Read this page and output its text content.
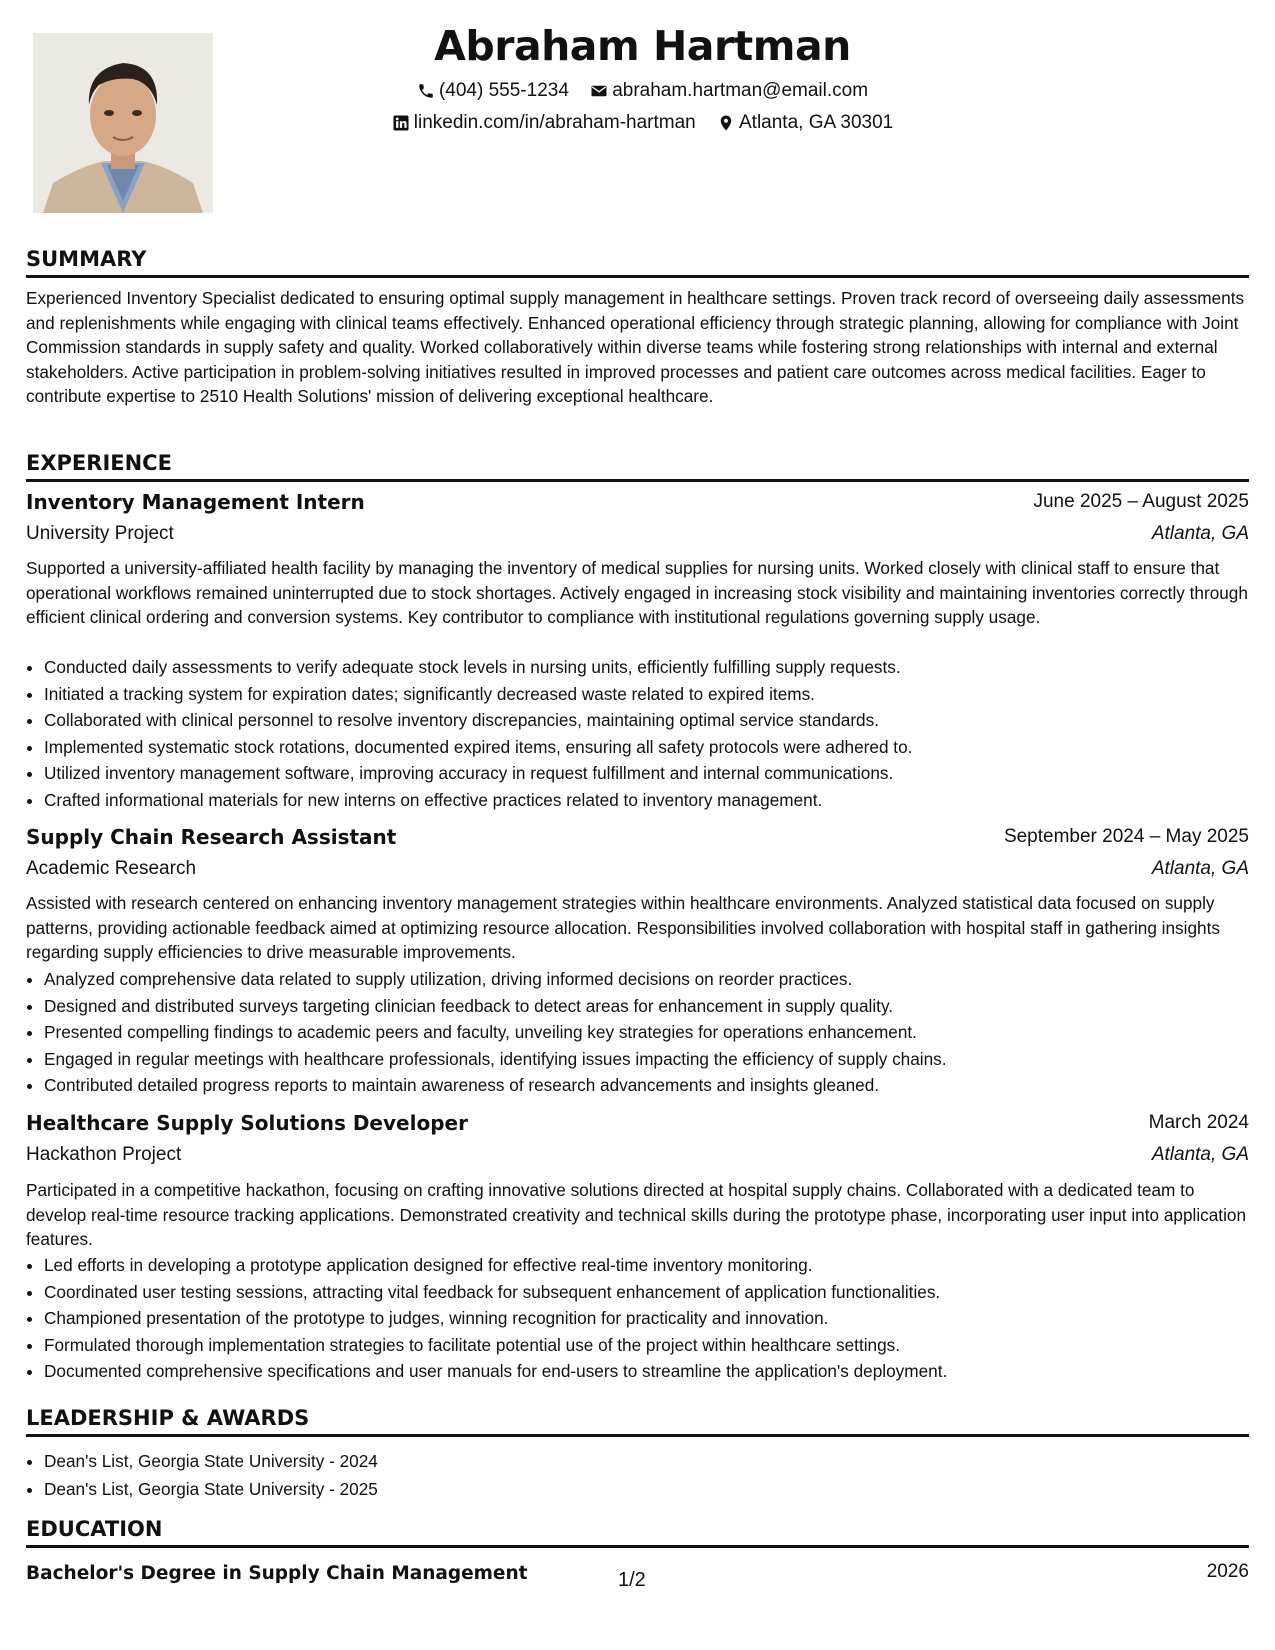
Abraham Hartman
(404) 555-1234
abraham.hartman@email.com
linkedin.com/in/abraham-hartman
Atlanta, GA 30301
SUMMARY
Experienced Inventory Specialist dedicated to ensuring optimal supply management in healthcare settings. Proven track record of overseeing daily assessments and replenishments while engaging with clinical teams effectively. Enhanced operational efficiency through strategic planning, allowing for compliance with Joint Commission standards in supply safety and quality. Worked collaboratively within diverse teams while fostering strong relationships with internal and external stakeholders. Active participation in problem-solving initiatives resulted in improved processes and patient care outcomes across medical facilities. Eager to contribute expertise to 2510 Health Solutions' mission of delivering exceptional healthcare.
EXPERIENCE
Inventory Management Intern	June 2025 – August 2025
University Project	Atlanta, GA
Supported a university-affiliated health facility by managing the inventory of medical supplies for nursing units. Worked closely with clinical staff to ensure that operational workflows remained uninterrupted due to stock shortages. Actively engaged in increasing stock visibility and maintaining inventories correctly through efficient clinical ordering and conversion systems. Key contributor to compliance with institutional regulations governing supply usage.
• Conducted daily assessments to verify adequate stock levels in nursing units, efficiently fulfilling supply requests.
• Initiated a tracking system for expiration dates; significantly decreased waste related to expired items.
• Collaborated with clinical personnel to resolve inventory discrepancies, maintaining optimal service standards.
• Implemented systematic stock rotations, documented expired items, ensuring all safety protocols were adhered to.
• Utilized inventory management software, improving accuracy in request fulfillment and internal communications.
• Crafted informational materials for new interns on effective practices related to inventory management.
Supply Chain Research Assistant	September 2024 – May 2025
Academic Research	Atlanta, GA
Assisted with research centered on enhancing inventory management strategies within healthcare environments. Analyzed statistical data focused on supply patterns, providing actionable feedback aimed at optimizing resource allocation. Responsibilities involved collaboration with hospital staff in gathering insights regarding supply efficiencies to drive measurable improvements.
• Analyzed comprehensive data related to supply utilization, driving informed decisions on reorder practices.
• Designed and distributed surveys targeting clinician feedback to detect areas for enhancement in supply quality.
• Presented compelling findings to academic peers and faculty, unveiling key strategies for operations enhancement.
• Engaged in regular meetings with healthcare professionals, identifying issues impacting the efficiency of supply chains.
• Contributed detailed progress reports to maintain awareness of research advancements and insights gleaned.
Healthcare Supply Solutions Developer	March 2024
Hackathon Project	Atlanta, GA
Participated in a competitive hackathon, focusing on crafting innovative solutions directed at hospital supply chains. Collaborated with a dedicated team to develop real-time resource tracking applications. Demonstrated creativity and technical skills during the prototype phase, incorporating user input into application features.
• Led efforts in developing a prototype application designed for effective real-time inventory monitoring.
• Coordinated user testing sessions, attracting vital feedback for subsequent enhancement of application functionalities.
• Championed presentation of the prototype to judges, winning recognition for practicality and innovation.
• Formulated thorough implementation strategies to facilitate potential use of the project within healthcare settings.
• Documented comprehensive specifications and user manuals for end-users to streamline the application's deployment.
LEADERSHIP & AWARDS
• Dean's List, Georgia State University - 2024
• Dean's List, Georgia State University - 2025
EDUCATION
Bachelor's Degree in Supply Chain Management	2026
1/2
